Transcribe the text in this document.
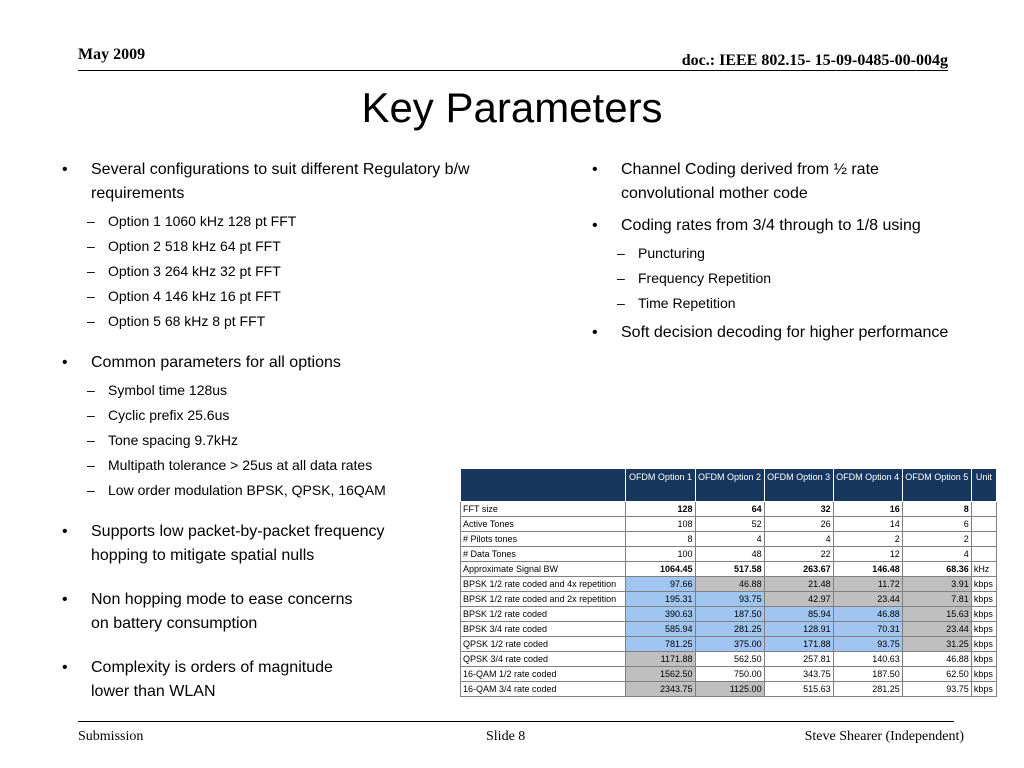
May 2009	doc.: IEEE 802.15- 15-09-0485-00-004g
Key Parameters
• Several configurations to suit different Regulatory b/w requirements
– Option 1 1060 kHz 128 pt FFT
– Option 2 518 kHz 64 pt FFT
– Option 3 264 kHz 32 pt FFT
– Option 4 146 kHz 16 pt FFT
– Option 5 68 kHz 8 pt FFT
• Common parameters for all options
– Symbol time 128us
– Cyclic prefix 25.6us
– Tone spacing 9.7kHz
– Multipath tolerance > 25us at all data rates
– Low order modulation BPSK, QPSK, 16QAM
• Supports low packet-by-packet frequency
hopping to mitigate spatial nulls
• Non hopping mode to ease concerns
on battery consumption
• Complexity is orders of magnitude
lower than WLAN
• Channel Coding derived from ½ rate convolutional mother code
• Coding rates from 3/4 through to 1/8 using
– Puncturing
– Frequency Repetition
– Time Repetition
• Soft decision decoding for higher performance
	OFDM Option 1	OFDM Option 2	OFDM Option 3	OFDM Option 4	OFDM Option 5	Unit
FFT size	128	64	32	16	8	
Active Tones	108	52	26	14	6	
# Pilots tones	8	4	4	2	2	
# Data Tones	100	48	22	12	4	
Approximate Signal BW	1064.45	517.58	263.67	146.48	68.36	kHz
BPSK 1/2 rate coded and 4x repetition	97.66	46.88	21.48	11.72	3.91	kbps
BPSK 1/2 rate coded and 2x repetition	195.31	93.75	42.97	23.44	7.81	kbps
BPSK 1/2 rate coded	390.63	187.50	85.94	46.88	15.63	kbps
BPSK 3/4 rate coded	585.94	281.25	128.91	70.31	23.44	kbps
QPSK 1/2 rate coded	781.25	375.00	171.88	93.75	31.25	kbps
QPSK 3/4 rate coded	1171.88	562.50	257.81	140.63	46.88	kbps
16-QAM 1/2 rate coded	1562.50	750.00	343.75	187.50	62.50	kbps
16-QAM 3/4 rate coded	2343.75	1125.00	515.63	281.25	93.75	kbps
Submission	Slide 8	Steve Shearer (Independent)
